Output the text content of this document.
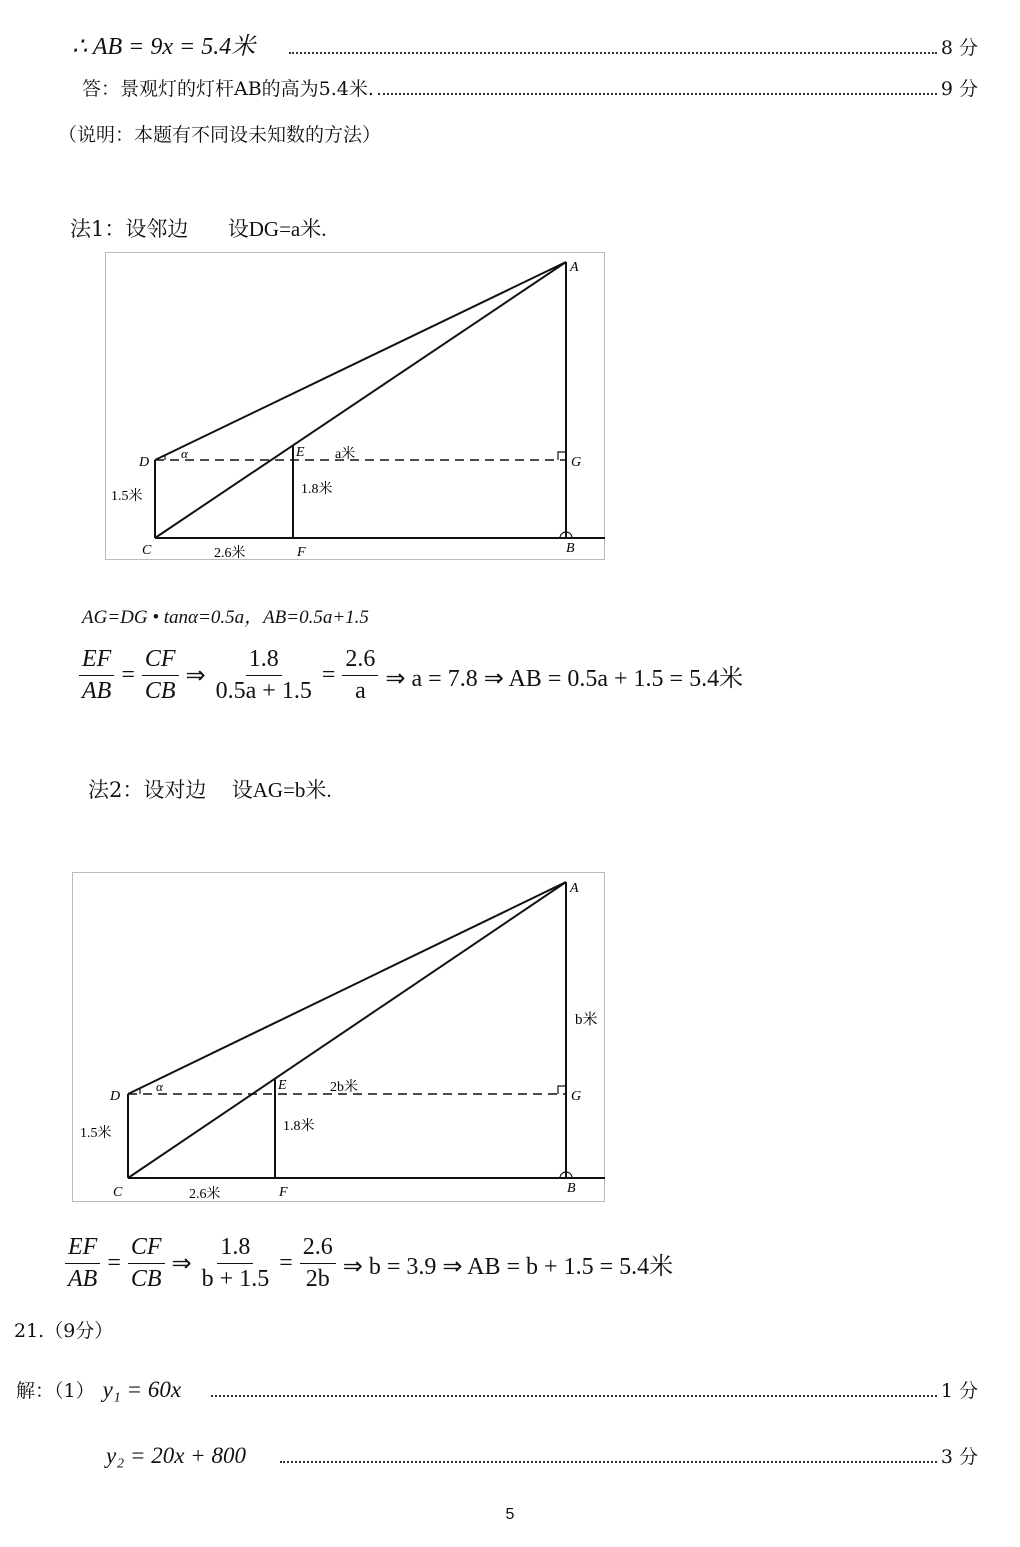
∴ AB = 9x = 5.4米	8 分
答：景观灯的灯杆AB的高为5.4米.	9 分
（说明：本题有不同设未知数的方法）
法1：设邻边 设DG=a米.
A
D
α	E a米
G
1.5米	1.8米
C	2.6米	F	B
AG=DG • tanα=0.5a，AB=0.5a+1.5
$\frac{EF}{AB} = \frac{CF}{CB}$ ⇒ $\frac{1.8}{0.5a + 1.5} = \frac{2.6}{a}$ ⇒ a = 7.8 ⇒ AB = 0.5a + 1.5 = 5.4米
法2：设对边 设AG=b米.
A
b米
D
α	E	2b米
G
1.5米	1.8米
C	2.6米	F	B
$\frac{EF}{AB} = \frac{CF}{CB}$ ⇒ $\frac{1.8}{b + 1.5} = \frac{2.6}{2b}$ ⇒ b = 3.9 ⇒ AB = b + 1.5 = 5.4米
21.（9分）
解：（1） y₁ = 60x	1 分
y₂ = 20x + 800	3 分
5
